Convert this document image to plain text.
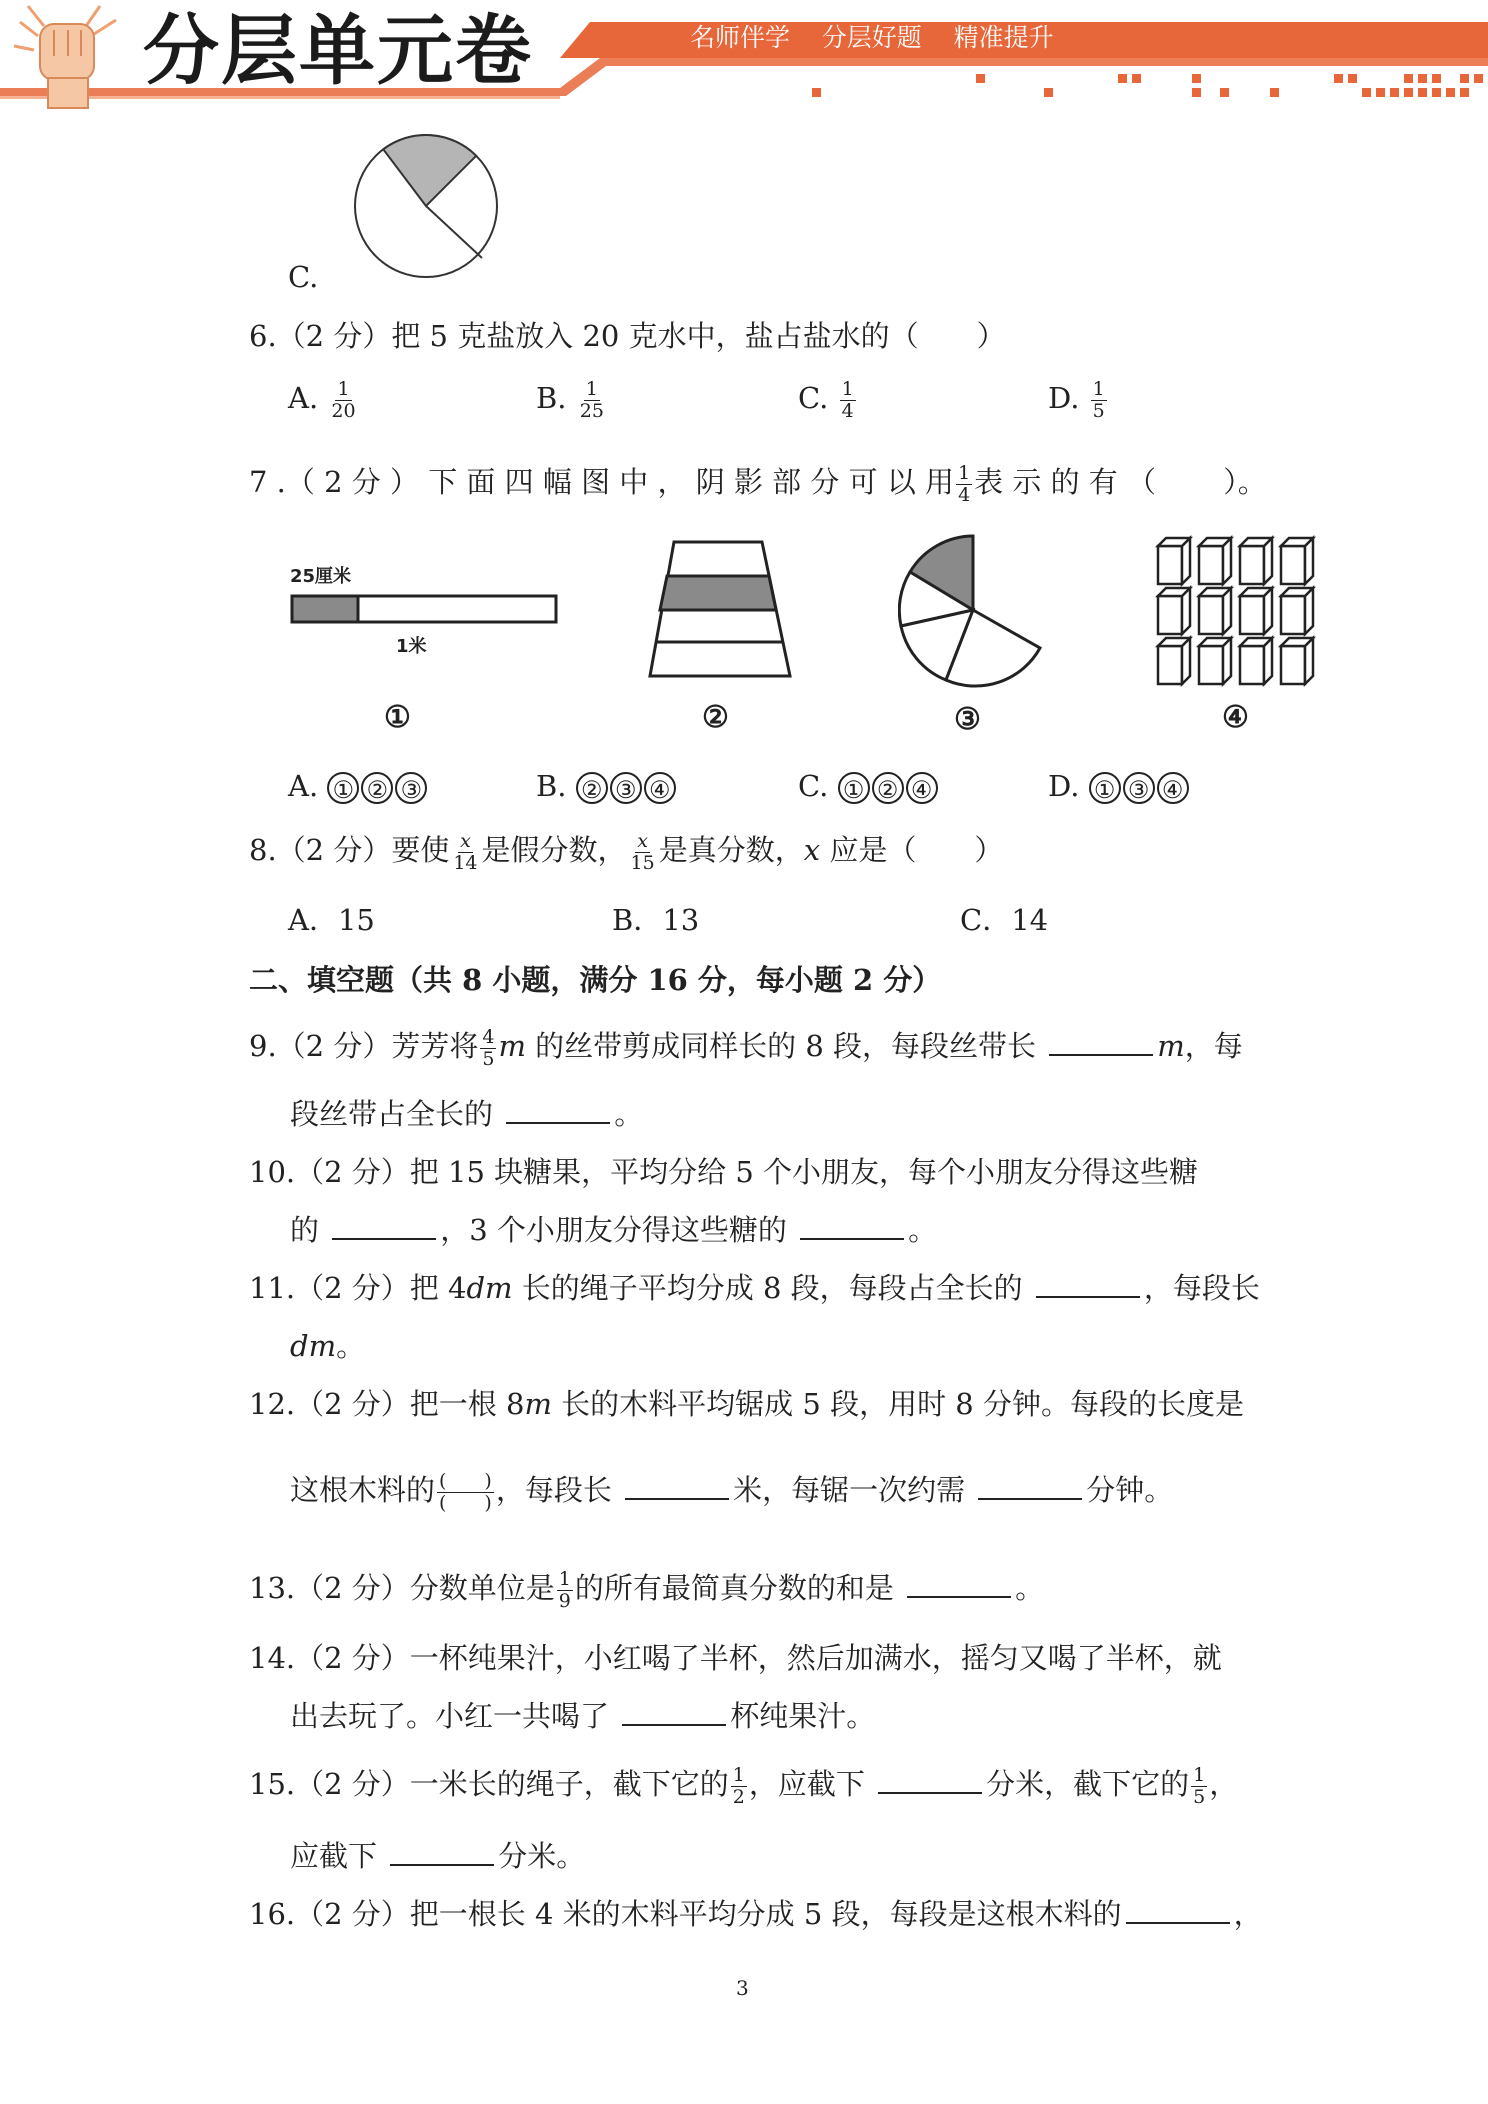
分层单元卷	名师伴学    分层好题    精准提升
C.
6.（2 分）把 5 克盐放入 20 克水中，盐占盐水的（　　）
A. $\frac{1}{20}$	B. $\frac{1}{25}$	C. $\frac{1}{4}$	D. $\frac{1}{5}$
7 .（ 2 分 ） 下 面 四 幅 图 中 ， 阴 影 部 分 可 以 用 $\frac{1}{4}$ 表 示 的 有 （　　 ）。
25厘米
1米
①	②	③	④
A. ① ② ③	B. ② ③ ④	C. ① ② ④	D. ① ③ ④
8.（2 分）要使 $\frac{x}{14}$ 是假分数， $\frac{x}{15}$ 是真分数，x 应是（　　）
A．15	B．13	C．14
二、填空题（共 8 小题，满分 16 分，每小题 2 分）
9.（2 分）芳芳将 $\frac{4}{5}$ m 的丝带剪成同样长的 8 段，每段丝带长	m，每
段丝带占全长的	。
10.（2 分）把 15 块糖果，平均分给 5 个小朋友，每个小朋友分得这些糖
的	，3 个小朋友分得这些糖的	。
11.（2 分）把 4dm 长的绳子平均分成 8 段，每段占全长的	，每段长
dm。
12.（2 分）把一根 8m 长的木料平均锯成 5 段，用时 8 分钟。每段的长度是
这根木料的 (　　)
(　　) ，每段长	米，每锯一次约需	分钟。
13.（2 分）分数单位是 $\frac{1}{9}$ 的所有最简真分数的和是	。
14.（2 分）一杯纯果汁，小红喝了半杯，然后加满水，摇匀又喝了半杯，就
出去玩了。小红一共喝了	杯纯果汁。
15.（2 分）一米长的绳子，截下它的 $\frac{1}{2}$ ，应截下	分米，截下它的 $\frac{1}{5}$ ，
应截下	分米。
16.（2 分）把一根长 4 米的木料平均分成 5 段，每段是这根木料的	，
3
